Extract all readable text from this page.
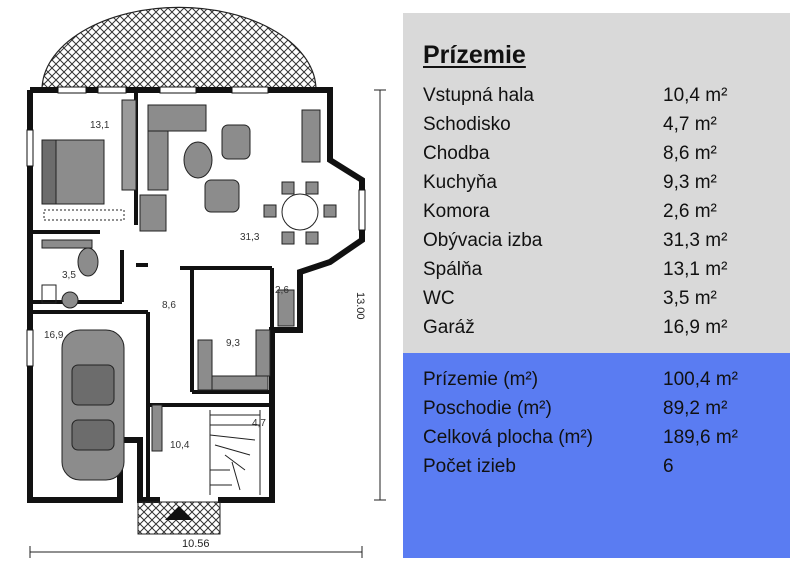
13,1
31,3
3,5
8,6
2,6
9,3
16,9
10,4
4,7
10.56
13.00
Prízemie
Vstupná hala	10,4 m²
Schodisko	4,7 m²
Chodba	8,6 m²
Kuchyňa	9,3 m²
Komora	2,6 m²
Obývacia izba	31,3 m²
Spálňa	13,1 m²
WC	3,5 m²
Garáž	16,9 m²
Prízemie (m²)	100,4 m²
Poschodie (m²)	89,2 m²
Celková plocha (m²)	189,6 m²
Počet izieb	6
